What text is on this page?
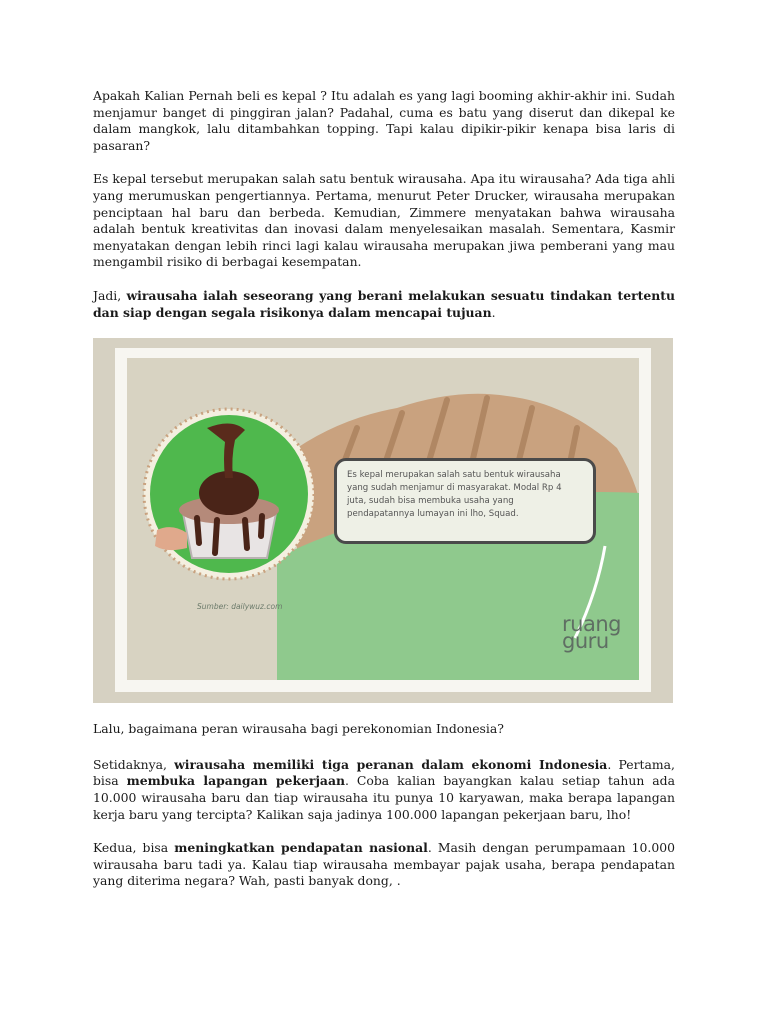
Apakah Kalian Pernah beli es kepal ? Itu adalah es yang lagi booming akhir-akhir ini. Sudah menjamur banget di pinggiran jalan? Padahal, cuma es batu yang diserut dan dikepal ke dalam mangkok, lalu ditambahkan topping. Tapi kalau dipikir-pikir kenapa bisa laris di pasaran?

Es kepal tersebut merupakan salah satu bentuk wirausaha. Apa itu wirausaha? Ada tiga ahli yang merumuskan pengertiannya. Pertama, menurut Peter Drucker, wirausaha merupakan penciptaan hal baru dan berbeda. Kemudian, Zimmere menyatakan bahwa wirausaha adalah bentuk kreativitas dan inovasi dalam menyelesaikan masalah. Sementara, Kasmir menyatakan dengan lebih rinci lagi kalau wirausaha merupakan jiwa pemberani yang mau mengambil risiko di berbagai kesempatan.

Jadi, wirausaha ialah seseorang yang berani melakukan sesuatu tindakan tertentu dan siap dengan segala risikonya dalam mencapai tujuan.

Es kepal merupakan salah satu bentuk wirausaha yang sudah menjamur di masyarakat. Modal Rp 4 juta, sudah bisa membuka usaha yang pendapatannya lumayan ini lho, Squad.
Sumber: dailywuz.com
ruang
guru

Lalu, bagaimana peran wirausaha bagi perekonomian Indonesia?

Setidaknya, wirausaha memiliki tiga peranan dalam ekonomi Indonesia. Pertama, bisa membuka lapangan pekerjaan. Coba kalian bayangkan kalau setiap tahun ada 10.000 wirausaha baru dan tiap wirausaha itu punya 10 karyawan, maka berapa lapangan kerja baru yang tercipta? Kalikan saja jadinya 100.000 lapangan pekerjaan baru, lho!

Kedua, bisa meningkatkan pendapatan nasional. Masih dengan perumpamaan 10.000 wirausaha baru tadi ya. Kalau tiap wirausaha membayar pajak usaha, berapa pendapatan yang diterima negara? Wah, pasti banyak dong, .
